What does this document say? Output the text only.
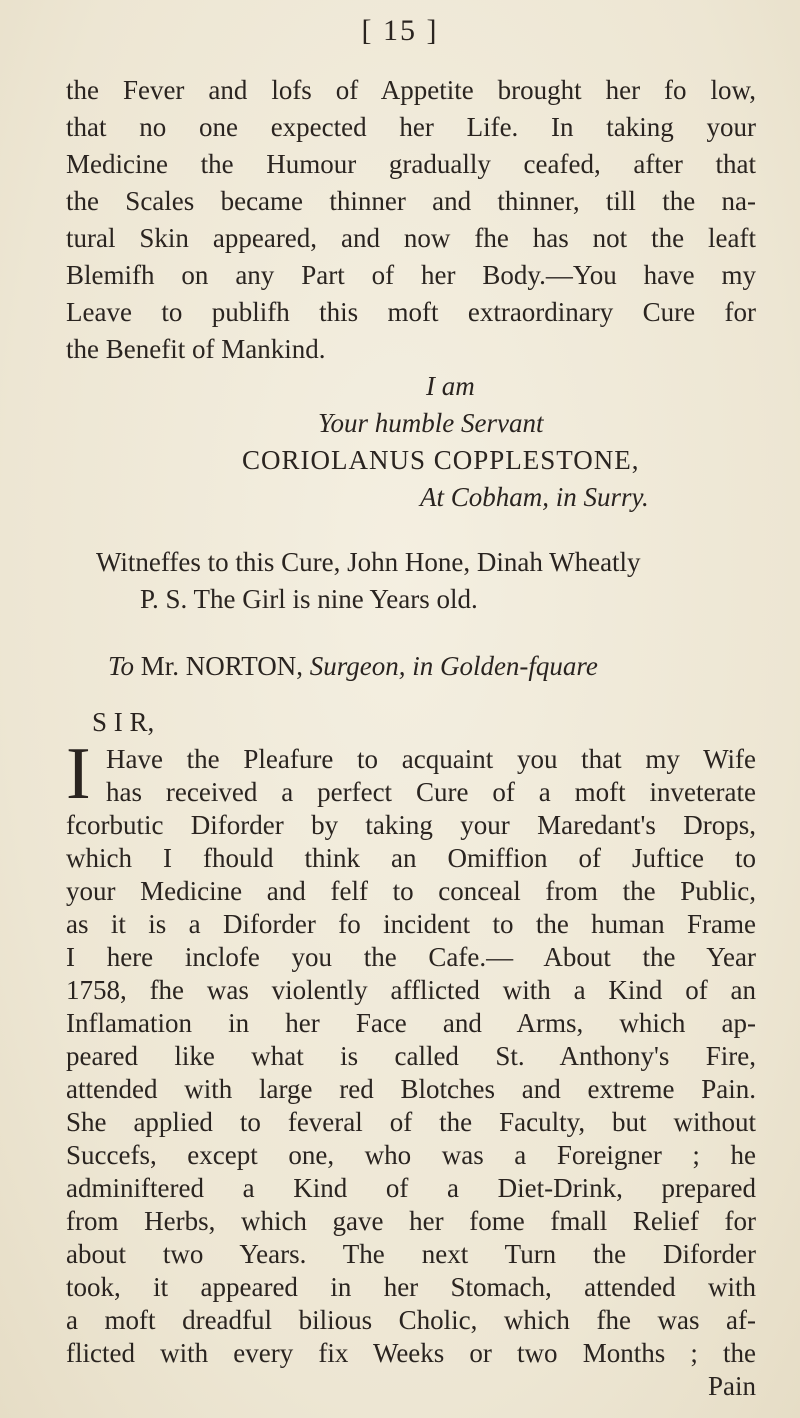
[ 15 ]
the Fever and lofs of Appetite brought her fo low,
that no one expected her Life. In taking your
Medicine the Humour gradually ceafed, after that
the Scales became thinner and thinner, till the na-
tural Skin appeared, and now fhe has not the leaft
Blemifh on any Part of her Body.—You have my
Leave to publifh this moft extraordinary Cure for
the Benefit of Mankind.
I am
Your humble Servant
CORIOLANUS COPPLESTONE,
At Cobham, in Surry.
Witneffes to this Cure, John Hone, Dinah Wheatly
P. S. The Girl is nine Years old.
To Mr. NORTON, Surgeon, in Golden-fquare
S I R,
I Have the Pleafure to acquaint you that my Wife
has received a perfect Cure of a moft inveterate
fcorbutic Diforder by taking your Maredant's Drops,
which I fhould think an Omiffion of Juftice to
your Medicine and felf to conceal from the Public,
as it is a Diforder fo incident to the human Frame
I here inclofe you the Cafe.— About the Year
1758, fhe was violently afflicted with a Kind of an
Inflamation in her Face and Arms, which ap-
peared like what is called St. Anthony's Fire,
attended with large red Blotches and extreme Pain.
She applied to feveral of the Faculty, but without
Succefs, except one, who was a Foreigner ; he
adminiftered a Kind of a Diet-Drink, prepared
from Herbs, which gave her fome fmall Relief for
about two Years. The next Turn the Diforder
took, it appeared in her Stomach, attended with
a moft dreadful bilious Cholic, which fhe was af-
flicted with every fix Weeks or two Months ; the
Pain
